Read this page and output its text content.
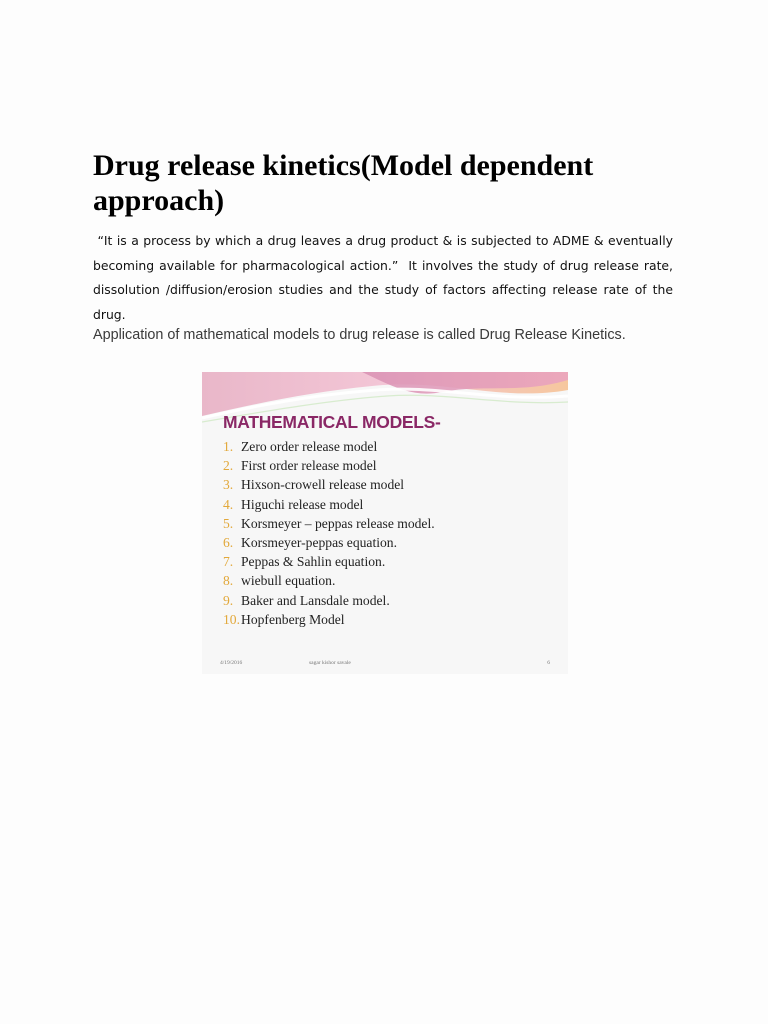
Drug release kinetics(Model dependent approach)

“It is a process by which a drug leaves a drug product & is subjected to ADME & eventually becoming available for pharmacological action.”  It involves the study of drug release rate, dissolution /diffusion/erosion studies and the study of factors affecting release rate of the drug.

Application of mathematical models to drug release is called Drug Release Kinetics.

MATHEMATICAL MODELS-
1. Zero order release model
2. First order release model
3. Hixson-crowell release model
4. Higuchi release model
5. Korsmeyer – peppas release model.
6. Korsmeyer-peppas equation.
7. Peppas & Sahlin equation.
8. wiebull equation.
9. Baker and Lansdale model.
10.Hopfenberg Model
4/19/2016	sagar kishor savale	6
